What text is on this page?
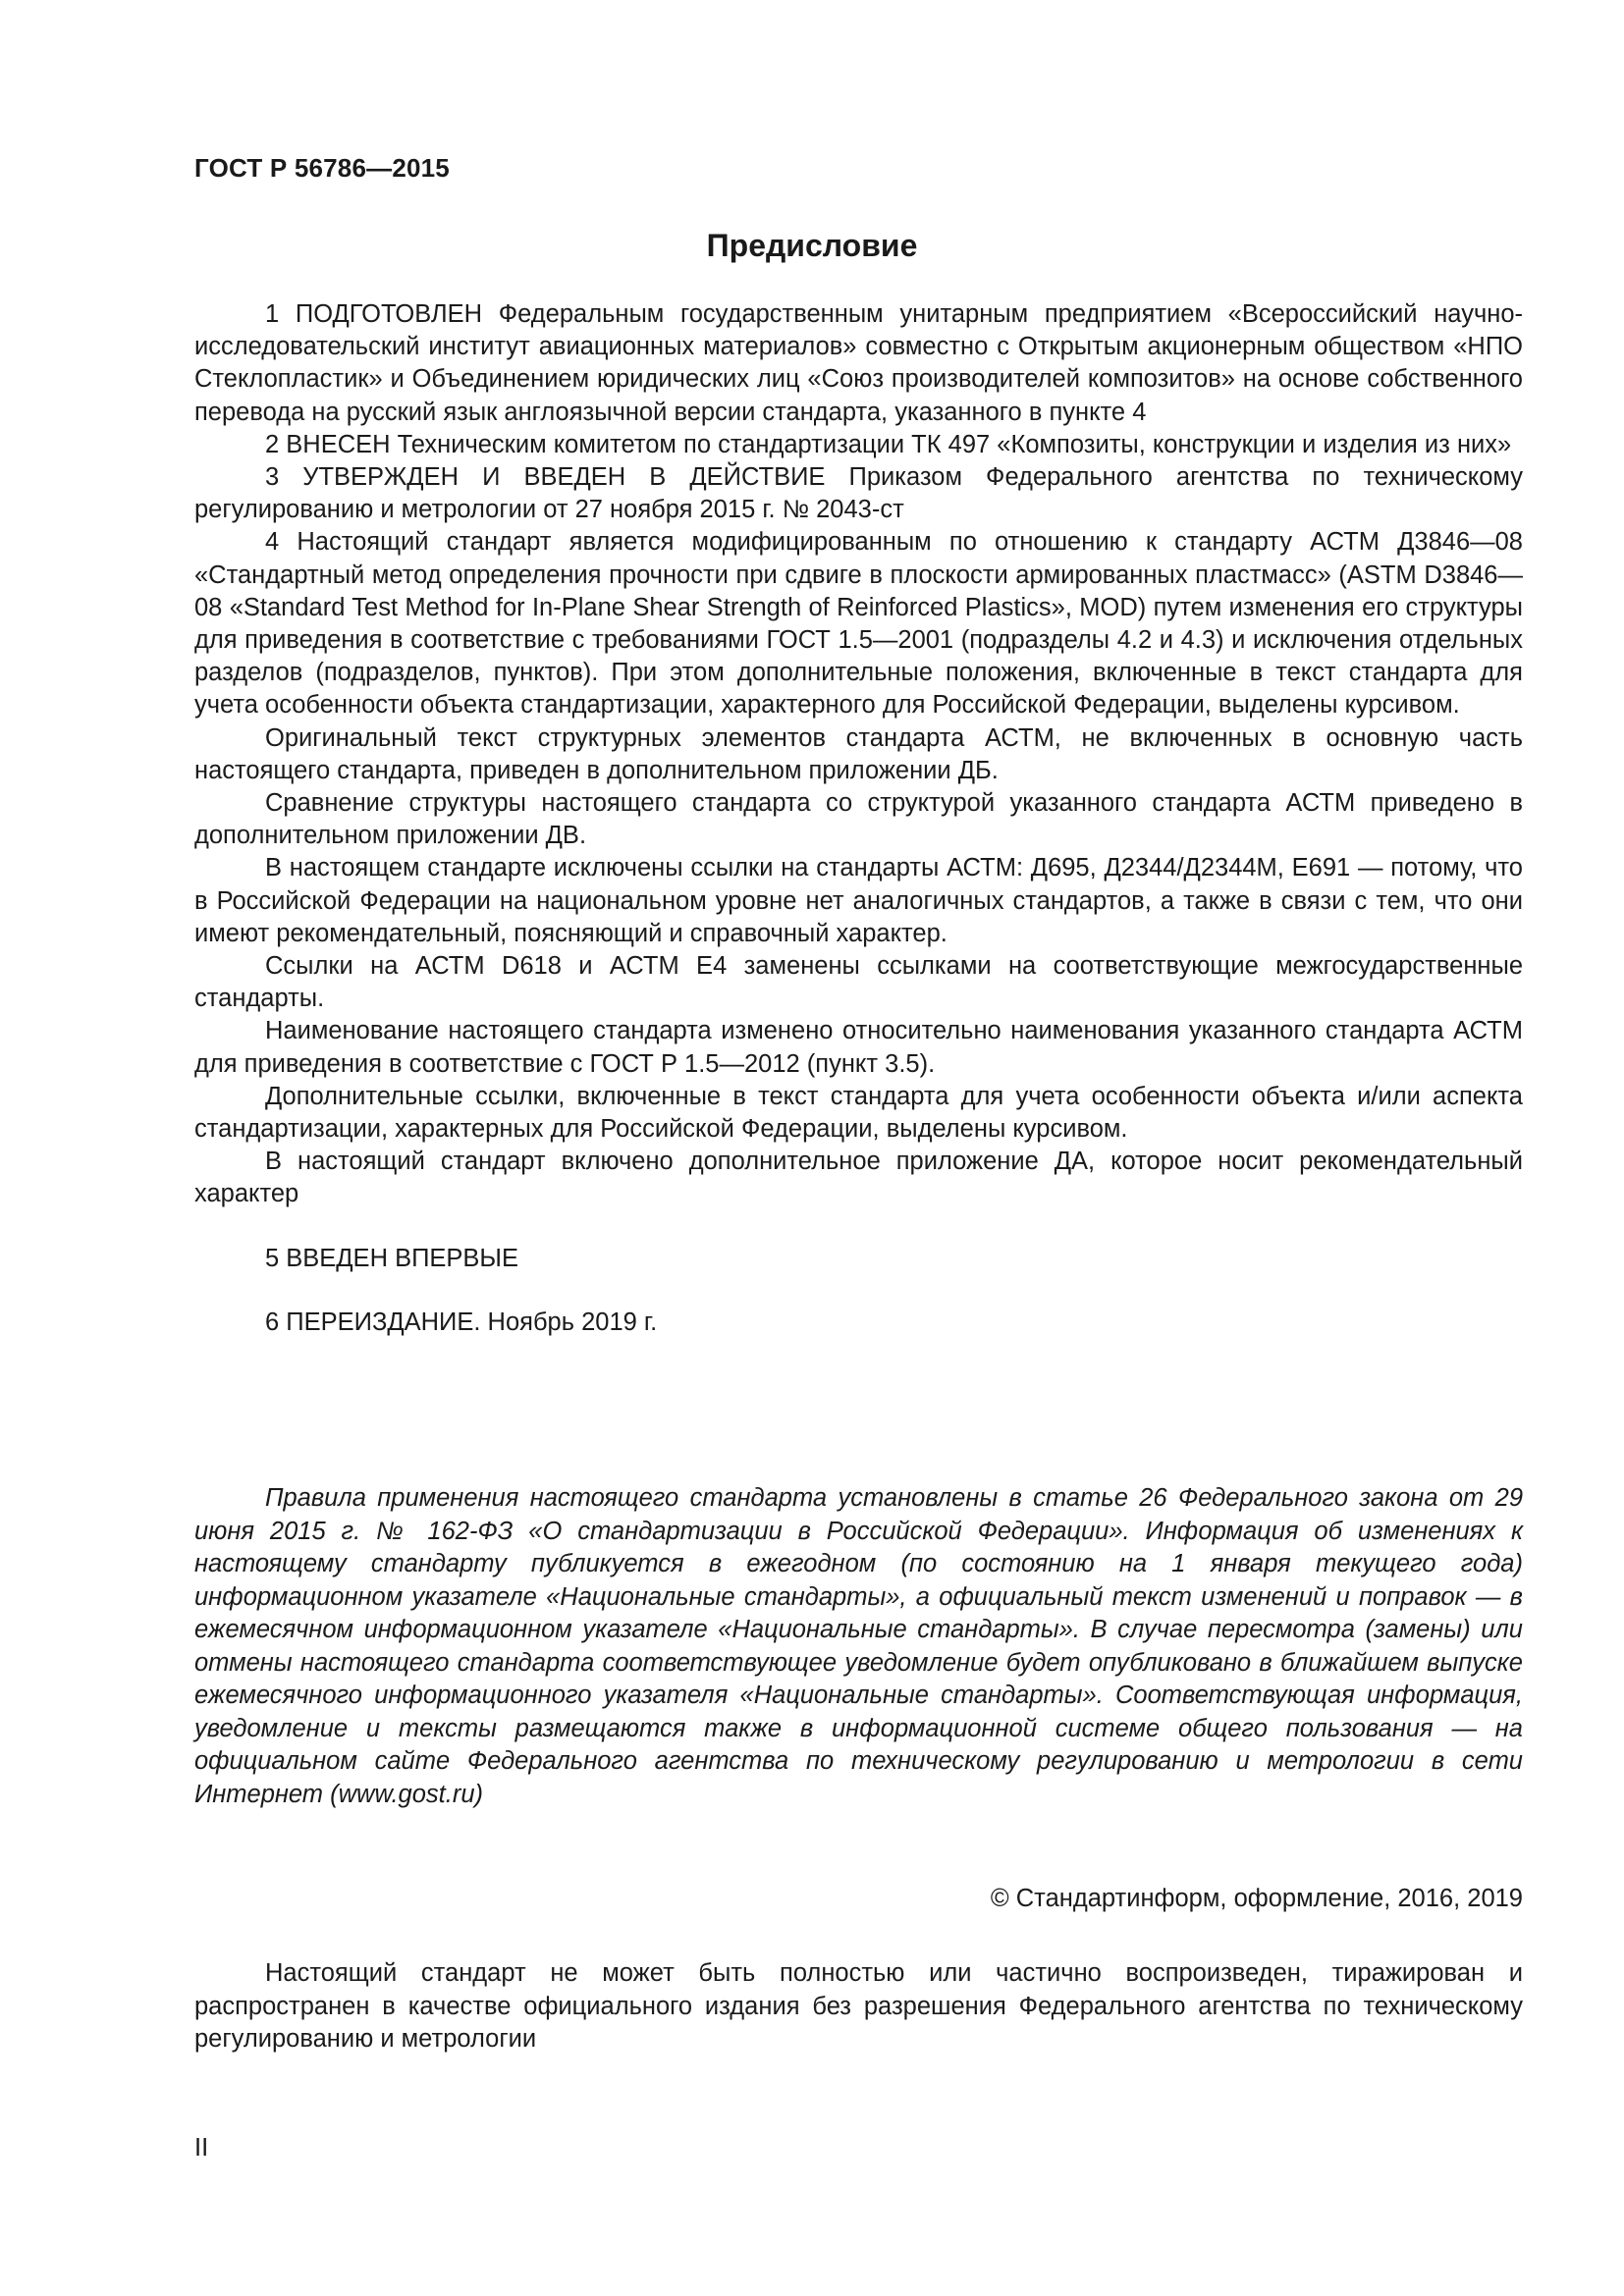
ГОСТ Р 56786—2015
Предисловие

1 ПОДГОТОВЛЕН Федеральным государственным унитарным предприятием «Всероссийский научно-исследовательский институт авиационных материалов» совместно с Открытым акционерным обществом «НПО Стеклопластик» и Объединением юридических лиц «Союз производителей композитов» на основе собственного перевода на русский язык англоязычной версии стандарта, указанного в пункте 4

2 ВНЕСЕН Техническим комитетом по стандартизации ТК 497 «Композиты, конструкции и изделия из них»

3 УТВЕРЖДЕН И ВВЕДЕН В ДЕЙСТВИЕ Приказом Федерального агентства по техническому регулированию и метрологии от 27 ноября 2015 г. № 2043-ст

4 Настоящий стандарт является модифицированным по отношению к стандарту АСТМ Д3846—08 «Стандартный метод определения прочности при сдвиге в плоскости армированных пластмасс» (ASTM D3846—08 «Standard Test Method for In-Plane Shear Strength of Reinforced Plastics», MOD) путем изменения его структуры для приведения в соответствие с требованиями ГОСТ 1.5—2001 (подразделы 4.2 и 4.3) и исключения отдельных разделов (подразделов, пунктов). При этом дополнительные положения, включенные в текст стандарта для учета особенности объекта стандартизации, характерного для Российской Федерации, выделены курсивом.

Оригинальный текст структурных элементов стандарта АСТМ, не включенных в основную часть настоящего стандарта, приведен в дополнительном приложении ДБ.

Сравнение структуры настоящего стандарта со структурой указанного стандарта АСТМ приведено в дополнительном приложении ДВ.

В настоящем стандарте исключены ссылки на стандарты АСТМ: Д695, Д2344/Д2344М, Е691 — потому, что в Российской Федерации на национальном уровне нет аналогичных стандартов, а также в связи с тем, что они имеют рекомендательный, поясняющий и справочный характер.

Ссылки на АСТМ D618 и АСТМ Е4 заменены ссылками на соответствующие межгосударственные стандарты.

Наименование настоящего стандарта изменено относительно наименования указанного стандарта АСТМ для приведения в соответствие с ГОСТ Р 1.5—2012 (пункт 3.5).

Дополнительные ссылки, включенные в текст стандарта для учета особенности объекта и/или аспекта стандартизации, характерных для Российской Федерации, выделены курсивом.

В настоящий стандарт включено дополнительное приложение ДА, которое носит рекомендательный характер

5 ВВЕДЕН ВПЕРВЫЕ

6 ПЕРЕИЗДАНИЕ. Ноябрь 2019 г.

Правила применения настоящего стандарта установлены в статье 26 Федерального закона от 29 июня 2015 г. № 162-ФЗ «О стандартизации в Российской Федерации». Информация об изменениях к настоящему стандарту публикуется в ежегодном (по состоянию на 1 января текущего года) информационном указателе «Национальные стандарты», а официальный текст изменений и поправок — в ежемесячном информационном указателе «Национальные стандарты». В случае пересмотра (замены) или отмены настоящего стандарта соответствующее уведомление будет опубликовано в ближайшем выпуске ежемесячного информационного указателя «Национальные стандарты». Соответствующая информация, уведомление и тексты размещаются также в информационной системе общего пользования — на официальном сайте Федерального агентства по техническому регулированию и метрологии в сети Интернет (www.gost.ru)

© Стандартинформ, оформление, 2016, 2019

Настоящий стандарт не может быть полностью или частично воспроизведен, тиражирован и распространен в качестве официального издания без разрешения Федерального агентства по техническому регулированию и метрологии

II
